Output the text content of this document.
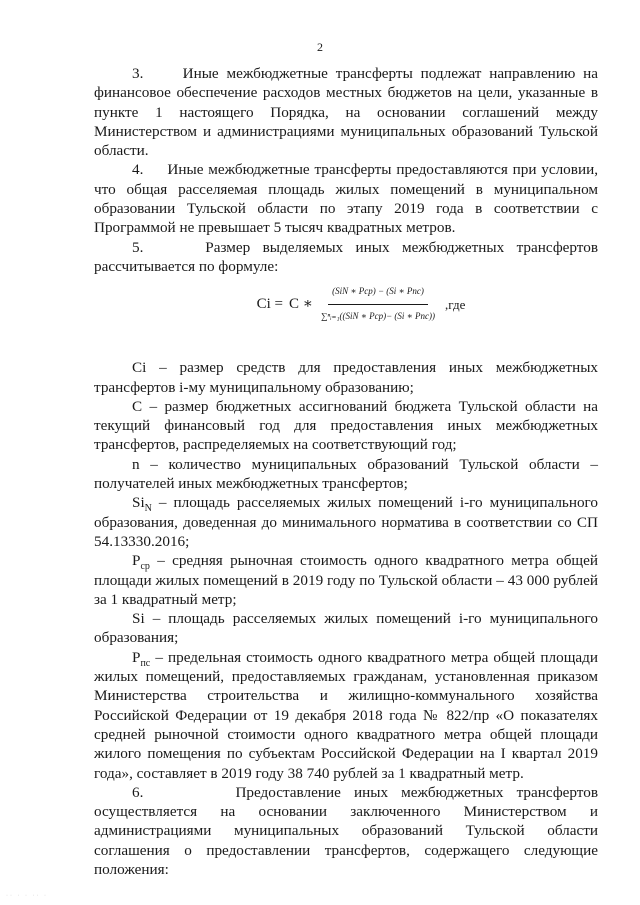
2

3.     Иные межбюджетные трансферты подлежат направлению на финансовое обеспечение расходов местных бюджетов на цели, указанные в пункте 1 настоящего Порядка, на основании соглашений между Министерством и администрациями муниципальных образований Тульской области.

4.     Иные межбюджетные трансферты предоставляются при условии, что общая расселяемая площадь жилых помещений в муниципальном образовании Тульской области по этапу 2019 года в соответствии с Программой не превышает 5 тысяч квадратных метров.

5.     Размер выделяемых иных межбюджетных трансфертов рассчитывается по формуле:

Ci = C ∗ $\frac{\text{(SiN ∗ Pcp) − (Si ∗ Pпс)}}{\text{∑ⁿᵢ₌₁((SiN ∗ Pcp)− (Si ∗ Pпс))}} ,где$

Ci – размер средств для предоставления иных межбюджетных трансфертов i-му муниципальному образованию;

С – размер бюджетных ассигнований бюджета Тульской области на текущий финансовый год для предоставления иных межбюджетных трансфертов, распределяемых на соответствующий год;

n – количество муниципальных образований Тульской области – получателей иных межбюджетных трансфертов;

$Si_N$ – площадь расселяемых жилых помещений i-го муниципального образования, доведенная до минимального норматива в соответствии со СП 54.13330.2016;

$P_{ср}$ – средняя рыночная стоимость одного квадратного метра общей площади жилых помещений в 2019 году по Тульской области – 43 000 рублей за 1 квадратный метр;

Si – площадь расселяемых жилых помещений i-го муниципального образования;

$P_{пс}$ – предельная стоимость одного квадратного метра общей площади жилых помещений, предоставляемых гражданам, установленная приказом Министерства строительства и жилищно-коммунального хозяйства Российской Федерации от 19 декабря 2018 года № 822/пр «О показателях средней рыночной стоимости одного квадратного метра общей площади жилого помещения по субъектам Российской Федерации на I квартал 2019 года», составляет в 2019 году 38 740 рублей за 1 квадратный метр.

6.       Предоставление иных межбюджетных трансфертов осуществляется на основании заключенного Министерством и администрациями муниципальных образований Тульской области соглашения о предоставлении трансфертов, содержащего следующие положения:

·· · · ·· ·
